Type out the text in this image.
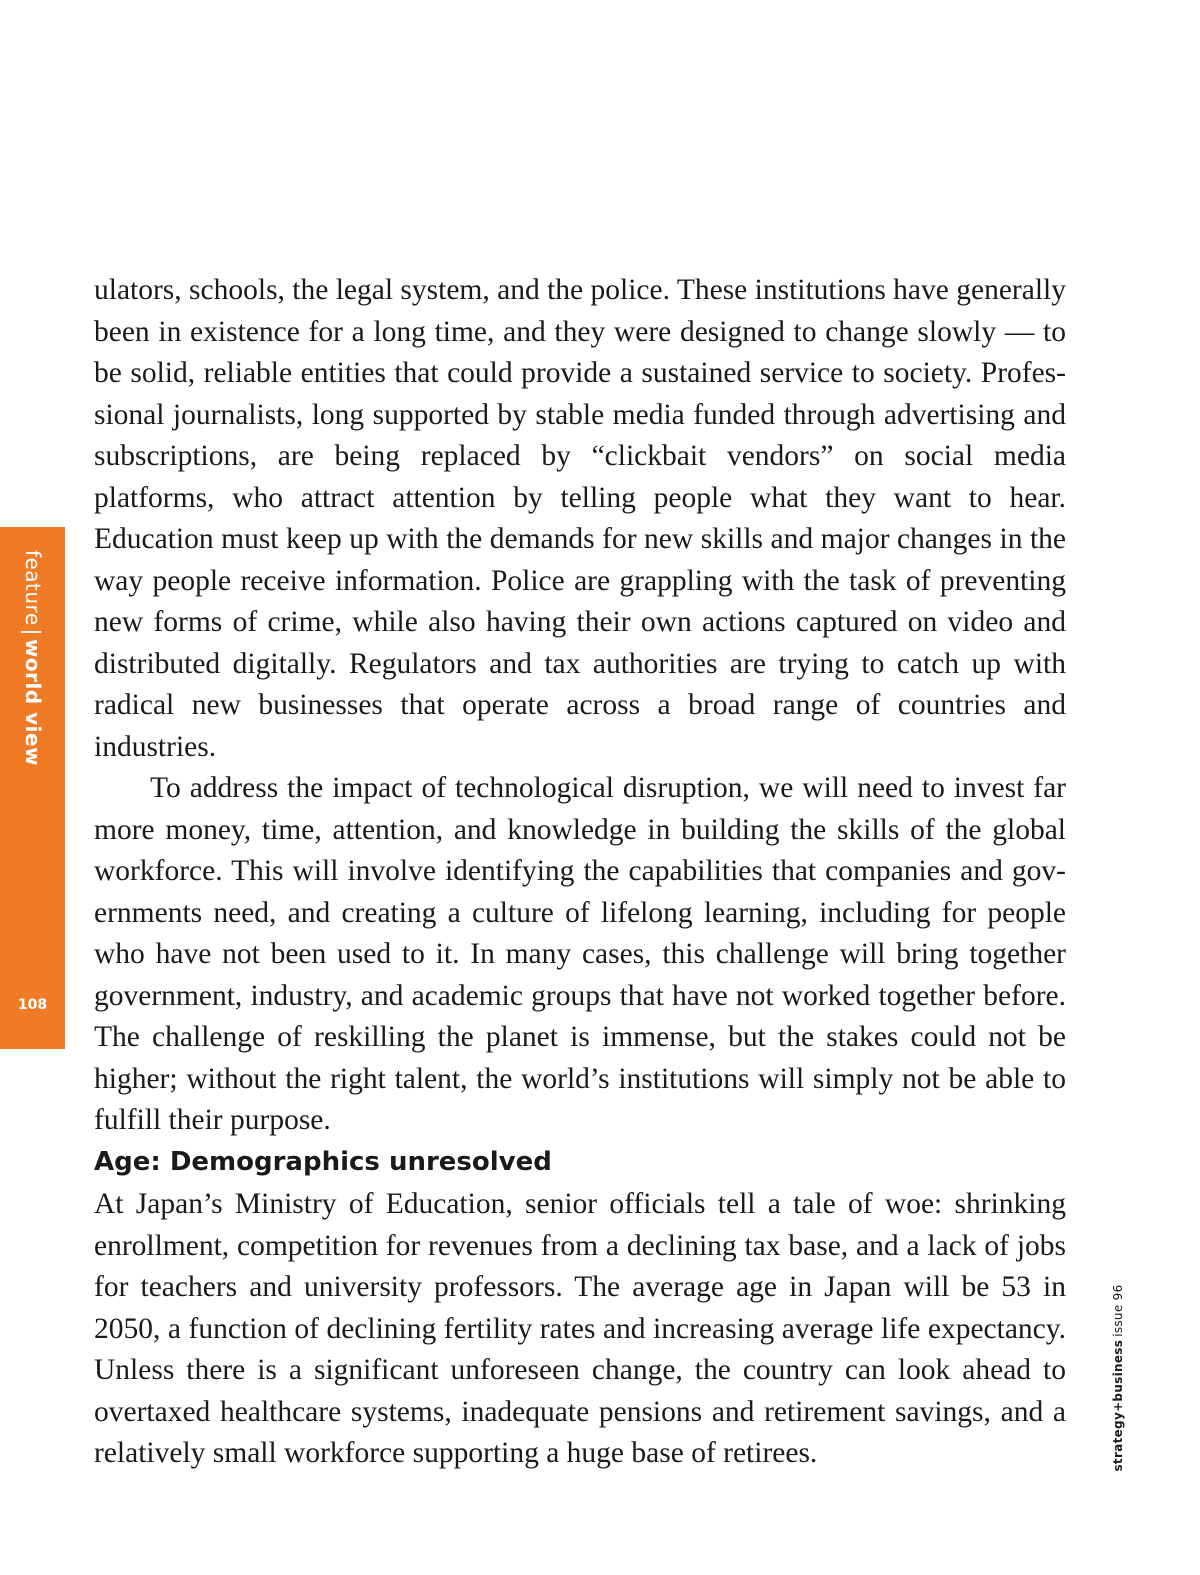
feature|world view
108

ulators, schools, the legal system, and the police. These institutions have generally been in existence for a long time, and they were designed to change slowly — to be solid, reliable entities that could provide a sustained service to society. Professional journalists, long supported by stable media funded through advertising and subscriptions, are being replaced by “clickbait vendors” on social media platforms, who attract attention by telling people what they want to hear. Education must keep up with the demands for new skills and major changes in the way people receive information. Police are grappling with the task of preventing new forms of crime, while also having their own actions captured on video and distributed digitally. Regulators and tax authorities are trying to catch up with radical new businesses that operate across a broad range of countries and industries.

To address the impact of technological disruption, we will need to invest far more money, time, attention, and knowledge in building the skills of the global workforce. This will involve identifying the capabilities that companies and governments need, and creating a culture of lifelong learning, including for people who have not been used to it. In many cases, this challenge will bring together government, industry, and academic groups that have not worked together before. The challenge of reskilling the planet is immense, but the stakes could not be higher; without the right talent, the world’s institutions will simply not be able to fulfill their purpose.

Age: Demographics unresolved

At Japan’s Ministry of Education, senior officials tell a tale of woe: shrinking enrollment, competition for revenues from a declining tax base, and a lack of jobs for teachers and university professors. The average age in Japan will be 53 in 2050, a function of declining fertility rates and increasing average life expectancy. Unless there is a significant unforeseen change, the country can look ahead to overtaxed healthcare systems, inadequate pensions and retirement savings, and a relatively small workforce supporting a huge base of retirees.	strategy+businessissue 96
